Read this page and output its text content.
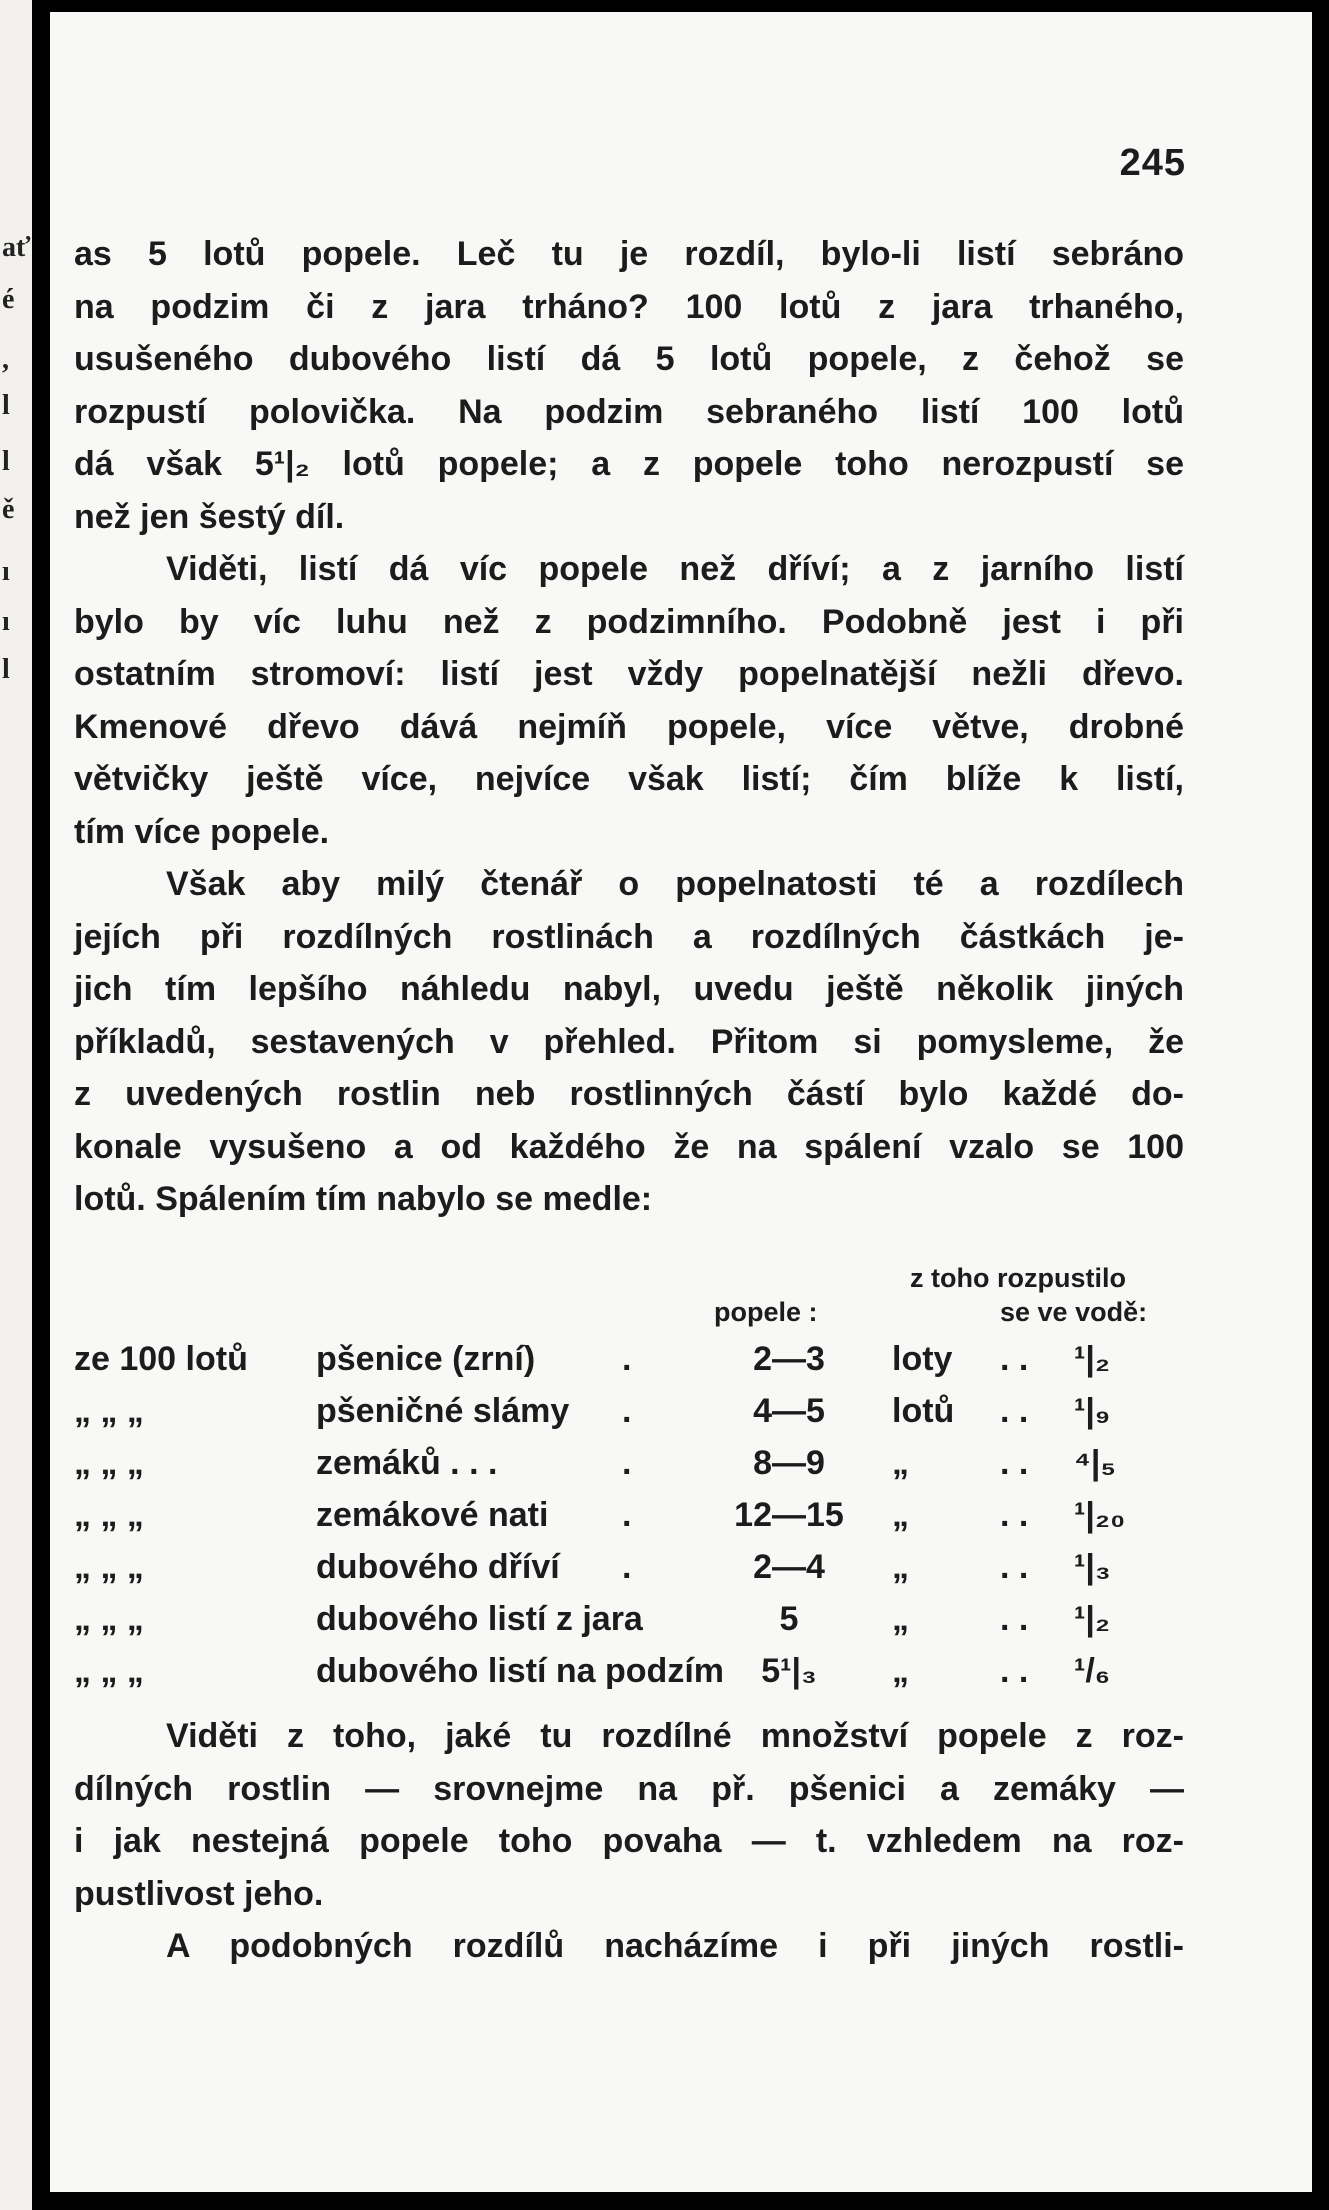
ať
é
,
l
l
ě
ı
ı
l
245
as 5 lotů popele. Leč tu je rozdíl, bylo-li listí sebráno
na podzim či z jara trháno? 100 lotů z jara trhaného,
usušeného dubového listí dá 5 lotů popele, z čehož se
rozpustí polovička. Na podzim sebraného listí 100 lotů
dá však 5¹|₂ lotů popele; a z popele toho nerozpustí se
než jen šestý díl.
Viděti, listí dá víc popele než dříví; a z jarního listí
bylo by víc luhu než z podzimního. Podobně jest i při
ostatním stromoví: listí jest vždy popelnatější nežli dřevo.
Kmenové dřevo dává nejmíň popele, více větve, drobné
větvičky ještě více, nejvíce však listí; čím blíže k listí,
tím více popele.
Však aby milý čtenář o popelnatosti té a rozdílech
jejích při rozdílných rostlinách a rozdílných částkách je-
jich tím lepšího náhledu nabyl, uvedu ještě několik jiných
příkladů, sestavených v přehled. Přitom si pomysleme, že
z uvedených rostlin neb rostlinných částí bylo každé do-
konale vysušeno a od každého že na spálení vzalo se 100
lotů. Spálením tím nabylo se medle:
z toho rozpustilo
popele :	se ve vodě:
ze 100 lotů pšenice (zrní)	.	2—3	loty . . ¹|₂
„ „ „	pšeničné slámy .	4—5	lotů . . ¹|₉
„ „ „	zemáků . . .	.	8—9	„	. . ⁴|₅
„ „ „	zemákové nati .	12—15	„	. . ¹|₂₀
„ „ „	dubového dříví .	2—4	„	. . ¹|₃
„ „ „	dubového listí z jara	5	„	. . ¹|₂
„ „ „	dubového listí na podzím	5¹|₃	„	. . ¹/₆
Viděti z toho, jaké tu rozdílné množství popele z roz-
dílných rostlin — srovnejme na př. pšenici a zemáky —
i jak nestejná popele toho povaha — t. vzhledem na roz-
pustlivost jeho.
A podobných rozdílů nacházíme i při jiných rostli-
